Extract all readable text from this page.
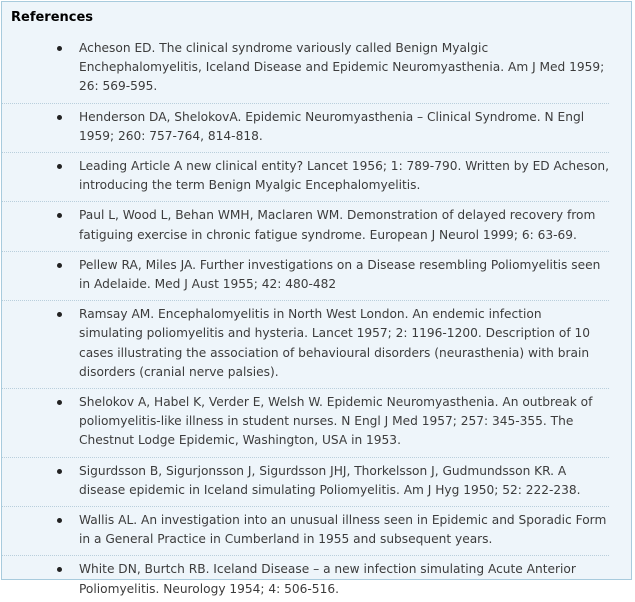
References
Acheson ED. The clinical syndrome variously called Benign Myalgic Enchephalomyelitis, Iceland Disease and Epidemic Neuromyasthenia. Am J Med 1959; 26: 569-595.
Henderson DA, ShelokovA. Epidemic Neuromyasthenia – Clinical Syndrome. N Engl 1959; 260: 757-764, 814-818.
Leading Article A new clinical entity? Lancet 1956; 1: 789-790. Written by ED Acheson, introducing the term Benign Myalgic Encephalomyelitis.
Paul L, Wood L, Behan WMH, Maclaren WM. Demonstration of delayed recovery from fatiguing exercise in chronic fatigue syndrome. European J Neurol 1999; 6: 63-69.
Pellew RA, Miles JA. Further investigations on a Disease resembling Poliomyelitis seen in Adelaide. Med J Aust 1955; 42: 480-482
Ramsay AM. Encephalomyelitis in North West London. An endemic infection simulating poliomyelitis and hysteria. Lancet 1957; 2: 1196-1200. Description of 10 cases illustrating the association of behavioural disorders (neurasthenia) with brain disorders (cranial nerve palsies).
Shelokov A, Habel K, Verder E, Welsh W. Epidemic Neuromyasthenia. An outbreak of poliomyelitis-like illness in student nurses. N Engl J Med 1957; 257: 345-355. The Chestnut Lodge Epidemic, Washington, USA in 1953.
Sigurdsson B, Sigurjonsson J, Sigurdsson JHJ, Thorkelsson J, Gudmundsson KR. A disease epidemic in Iceland simulating Poliomyelitis. Am J Hyg 1950; 52: 222-238.
Wallis AL. An investigation into an unusual illness seen in Epidemic and Sporadic Form in a General Practice in Cumberland in 1955 and subsequent years.
White DN, Burtch RB. Iceland Disease – a new infection simulating Acute Anterior Poliomyelitis. Neurology 1954; 4: 506-516.
